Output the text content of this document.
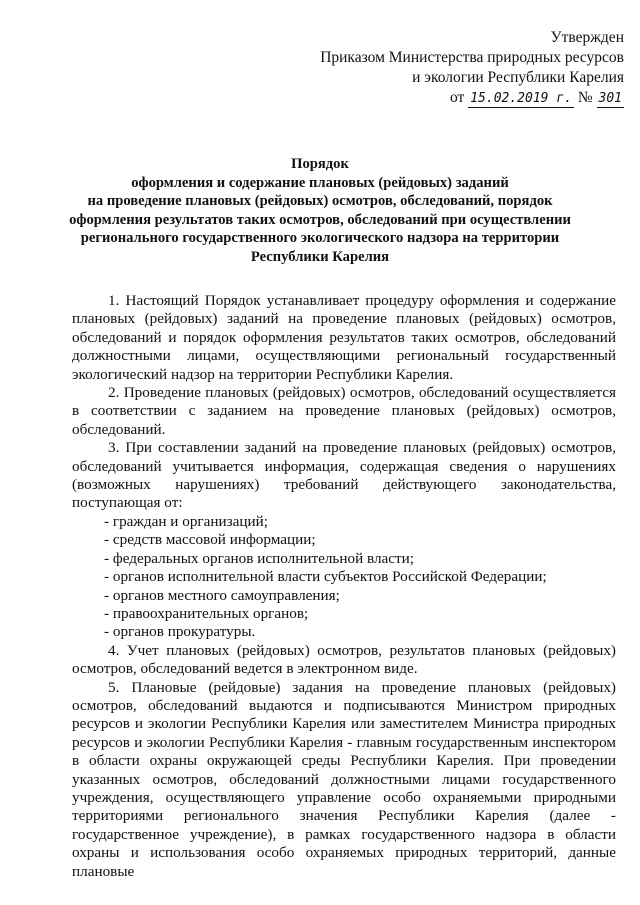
Утвержден
Приказом Министерства природных ресурсов
и экологии Республики Карелия
от 15.02.2019 г. № 301
Порядок
оформления и содержание плановых (рейдовых) заданий
на проведение плановых (рейдовых) осмотров, обследований, порядок
оформления результатов таких осмотров, обследований при осуществлении
регионального государственного экологического надзора на территории
Республики Карелия

1. Настоящий Порядок устанавливает процедуру оформления и содержание плановых (рейдовых) заданий на проведение плановых (рейдовых) осмотров, обследований и порядок оформления результатов таких осмотров, обследований должностными лицами, осуществляющими региональный государственный экологический надзор на территории Республики Карелия.

2. Проведение плановых (рейдовых) осмотров, обследований осуществляется в соответствии с заданием на проведение плановых (рейдовых) осмотров, обследований.

3. При составлении заданий на проведение плановых (рейдовых) осмотров, обследований учитывается информация, содержащая сведения о нарушениях (возможных нарушениях) требований действующего законодательства, поступающая от:

- граждан и организаций;
- средств массовой информации;
- федеральных органов исполнительной власти;
- органов исполнительной власти субъектов Российской Федерации;
- органов местного самоуправления;
- правоохранительных органов;
- органов прокуратуры.

4. Учет плановых (рейдовых) осмотров, результатов плановых (рейдовых) осмотров, обследований ведется в электронном виде.

5. Плановые (рейдовые) задания на проведение плановых (рейдовых) осмотров, обследований выдаются и подписываются Министром природных ресурсов и экологии Республики Карелия или заместителем Министра природных ресурсов и экологии Республики Карелия - главным государственным инспектором в области охраны окружающей среды Республики Карелия. При проведении указанных осмотров, обследований должностными лицами государственного учреждения, осуществляющего управление особо охраняемыми природными территориями регионального значения Республики Карелия (далее - государственное учреждение), в рамках государственного надзора в области охраны и использования особо охраняемых природных территорий, данные плановые
